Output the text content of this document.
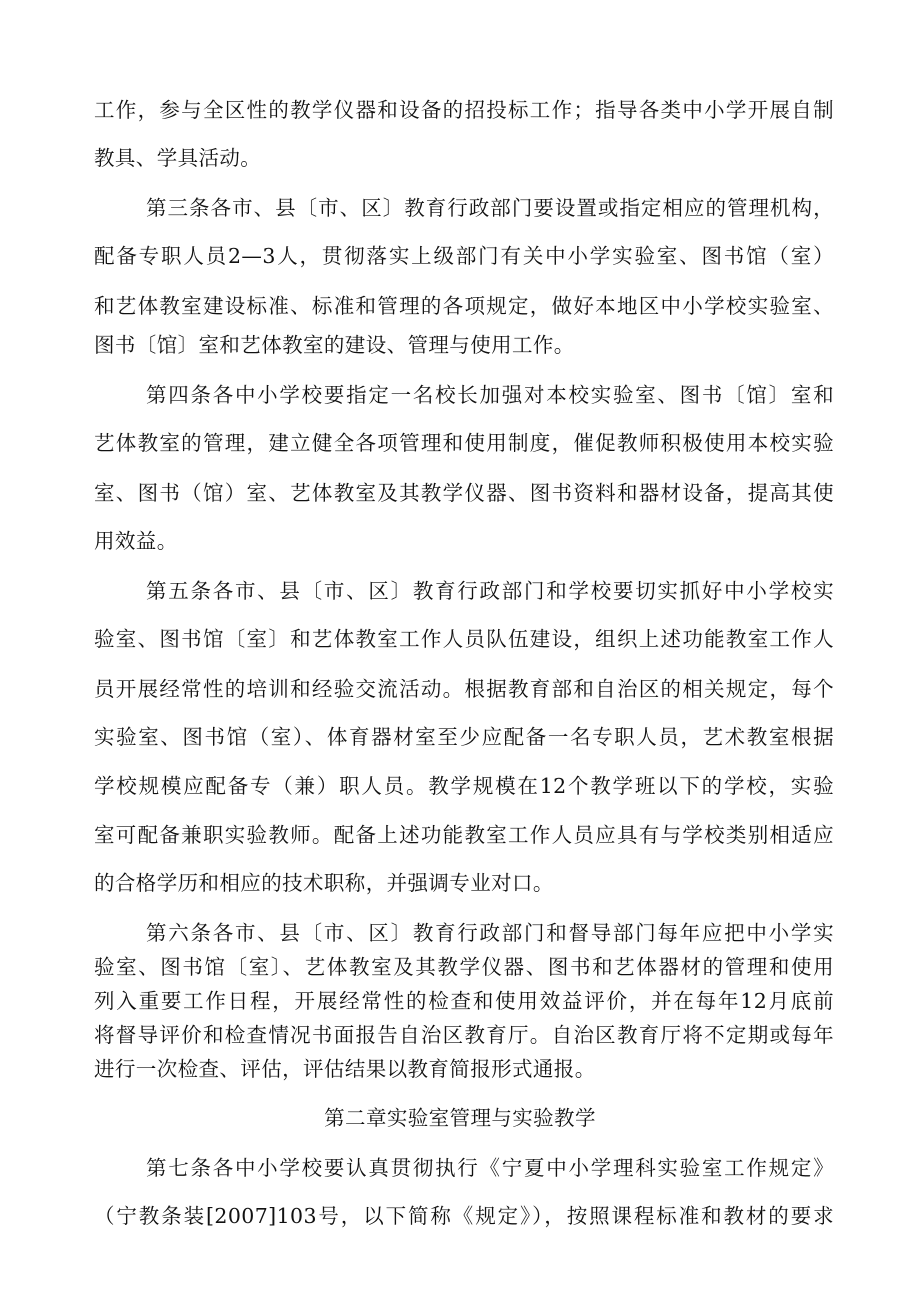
工作，参与全区性的教学仪器和设备的招投标工作；指导各类中小学开展自制
教具、学具活动。
第三条各市、县〔市、区〕教育行政部门要设置或指定相应的管理机构，
配备专职人员2—3人，贯彻落实上级部门有关中小学实验室、图书馆（室）
和艺体教室建设标准、标准和管理的各项规定，做好本地区中小学校实验室、
图书〔馆〕室和艺体教室的建设、管理与使用工作。
第四条各中小学校要指定一名校长加强对本校实验室、图书〔馆〕室和
艺体教室的管理，建立健全各项管理和使用制度，催促教师积极使用本校实验
室、图书（馆）室、艺体教室及其教学仪器、图书资料和器材设备，提高其使
用效益。
第五条各市、县〔市、区〕教育行政部门和学校要切实抓好中小学校实
验室、图书馆〔室〕和艺体教室工作人员队伍建设，组织上述功能教室工作人
员开展经常性的培训和经验交流活动。根据教育部和自治区的相关规定，每个
实验室、图书馆（室）、体育器材室至少应配备一名专职人员，艺术教室根据
学校规模应配备专（兼）职人员。教学规模在12个教学班以下的学校，实验
室可配备兼职实验教师。配备上述功能教室工作人员应具有与学校类别相适应
的合格学历和相应的技术职称，并强调专业对口。
第六条各市、县〔市、区〕教育行政部门和督导部门每年应把中小学实
验室、图书馆〔室〕、艺体教室及其教学仪器、图书和艺体器材的管理和使用
列入重要工作日程，开展经常性的检查和使用效益评价，并在每年12月底前
将督导评价和检查情况书面报告自治区教育厅。自治区教育厅将不定期或每年
进行一次检查、评估，评估结果以教育简报形式通报。
第二章实验室管理与实验教学
第七条各中小学校要认真贯彻执行《宁夏中小学理科实验室工作规定》
（宁教条装[2007]103号，以下简称《规定》），按照课程标准和教材的要求
